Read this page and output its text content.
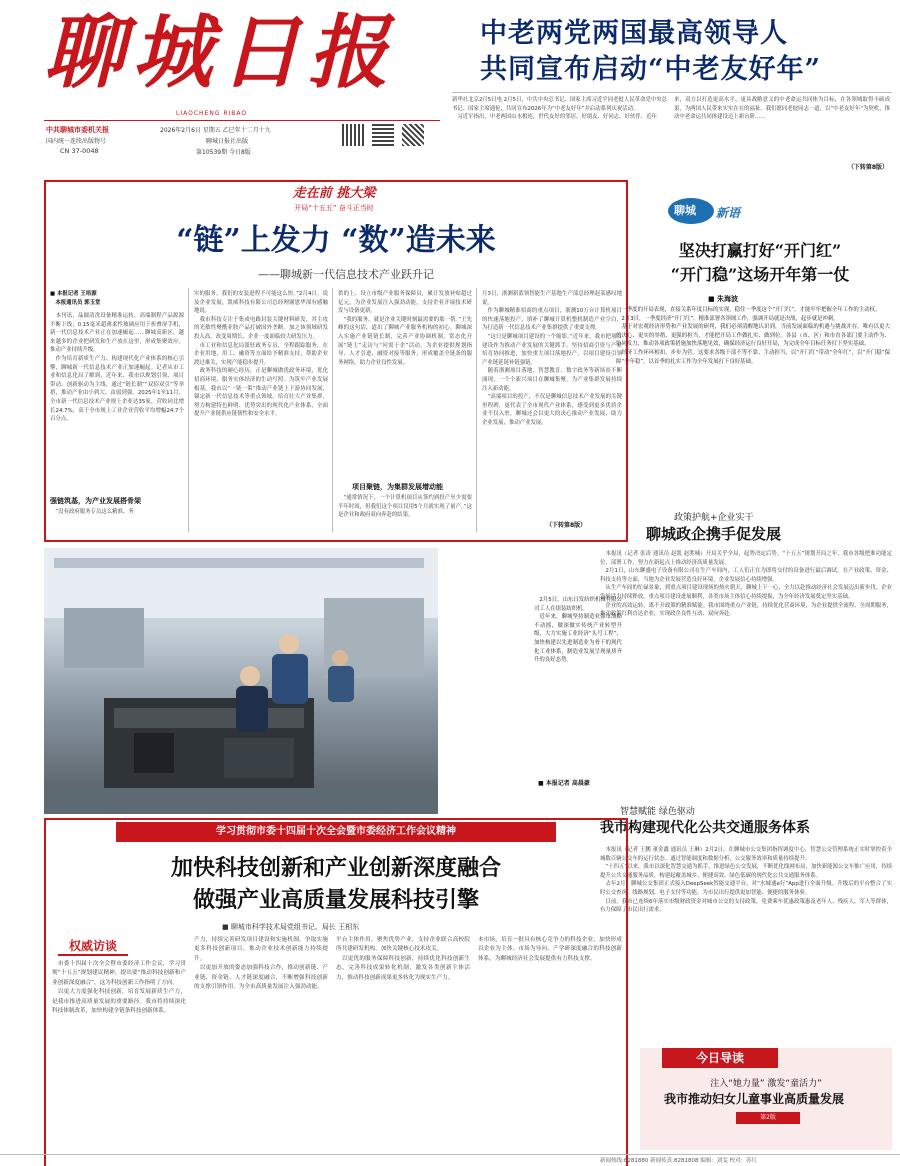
聊城日报
LIAOCHENG RIBAO
中共聊城市委机关报
国内统一连续出版物号
CN 37-0048
2026年2月6日 星期五 乙巳年十二月十九
聊城日报社出版
第10539期 今日8版
中老两党两国最高领导人
共同宣布启动“中老友好年”
新华社北京2月5日电 2月5日，中共中央总书记、国家主席习近平同老挝人民革命党中央总书记、国家主席通伦，共同宣布2026年为“中老友好年”并启动系列庆祝活动。
　习近平指出，中老两国山水相连，世代友好的邻居、好朋友、好同志、好伙伴。近年
来，双方以打造更高水平、更具战略意义的中老命运共同体为目标，在各领域取得丰硕成果，为两国人民带来实实在在的福祉。我们愿同老挝同志一道，以“中老友好年”为契机，推动中老命运共同体建设迈上新台阶……
（下转第8版）
走在前 挑大梁
开局“十五五” 奋斗正当时
“链”上发力 “数”造未来
——聊城新一代信息技术产业跃升记
■ 本报记者 王培源
　本报通讯员 郭玉堂
　本刊讯，晶圆清洗设备精准运转，高端制程产品源源不断下线；0.15毫米超薄柔性玻璃应用于折叠屏手机，新一代信息技术产业正在加速崛起……聊城高新区，越来越多的企业把研发和生产放在这里，形成集聚效应，推动产业持续升级。
　作为培育新质生产力、构建现代化产业体系的核心引擎，聊城新一代信息技术产业正加速崛起。记者从市工业和信息化局了解到，近年来，我市以规划引领、项目带动、创新驱动为主线，通过“链长制”“双招双引”等举措，推动产业由小到大、由弱到强。2025年1至11月，全市新一代信息技术产业规上企业达35家，营收同比增长24.7%，高于全市规上工业企业营收平均增幅24.7个百分点。
强链筑基，为产业发展搭骨架
　“没有政府服务专员这么精准、务
实的服务，我们的安装进程不可能这么快。”2月4日，说及企业发展，凯威科技有限公司总经理谢恩华深有感触地说。
　我市科技专注于集成电路封装关键材料研发，其主攻的光敏性聚酰亚胺产品打破国外垄断。加之该领域研发投入高，改变周期长，企业一度面临较大研发压力。
　市工业和信息化局派驻政务专员，全程跟踪服务，在企业用地、用工、融资等方面给予精准支持，帮助企业渡过难关，实现产能稳步提升。
　政务科技的硬心经历，正是聊城做优政务环境、优化招商环境、服务实体经济的生动写照。为筑牢产业发展根基，我市以“一链一策”推动产业链上下游协同发展，锚定新一代信息技术等重点领域，培育壮大产业集群，努力构建特色鲜明、优势突出的现代化产业体系，全面提升产业链供应链韧性和安全水平。
供的上、设立市级产业服务保障员，累计发放补贴超过亿元，为企业发展注入强劲动能，支持企业开展技术研发与设备更新。
　“我的服务，就是企业关键时刻最需要的那一帮。”王先峰的这句话，道出了聊城产业服务机构的初心。聊城深入实施产业链链长制，完善产业协调机制，常态化开展“链主”走访与“问需于企”活动，为企业提供规划指导、人才引进、融资对接等服务，形成覆盖全链条的服务网络，助力企业良性发展。
项目聚链，为集群发展增动能
　“通常情况下，一个计算机项目从签约到投产至少需要半年时间，但我们这个项目仅用5个月就实现了量产。”这是企业和政府双向奔赴的结果。
月3日，浙测新蓝领智能生产基地生产部总经理赵某感叹地说。
　作为聊城精准招商的重点项目，浙测10万台计算机项目的快速落地投产，填补了聊城计算机整机制造产业空白，为打造新一代信息技术产业集群提供了重要支撑。
　“这只是聊城项目建设的一个缩影。”近年来，我市把项目建设作为推动产业发展的关键抓手，坚持招商引资与产业培育协同推进，加快重大项目落地投产，以项目建设引领产业链延链补链强链。
　随着浙测项目落地，智慧教育、数字政务等新场景不断涌现，一个个新兴项目在聊城集聚，为产业集群发展持续注入新动能。
　“高端项目的投产，不仅是聊城信息技术产业发展的关键里程碑，更代表了全市现代产业体系，感受到更多优质企业不仅入驻，聊城还会以更大的决心推动产业发展、助力企业发展，推动产业发展。
（下转第8版）
聊城 新语
坚决打赢打好“开门红”
“开门稳”这场开年第一仗
■ 朱海波
　一季度的开局表现，直接关系年度目标的实现，稳住一季度这个“开门红”，才能牢牢把握全年工作的主动权。
　2月3日，一季度经济“开门红”，精准部署各领域工作，强调开局就是决战，起步就是冲刺。
　基于对宏观经济形势和产业发展的研判，我们必须清醒地认识到，当前发展面临的机遇与挑战并存，唯有以更大的决心、更实的举措、更强的担当，才能把开局工作做扎实、做到位。各县（市、区）和市直各部门要主动作为、协同发力，推动各项政策措施加快落地见效，确保经济运行良好开局，为完成全年目标任务打下坚实基础。
　经济工作环环相扣，步步为营。这要求各级干部不等不靠、主动担当，以“开门红”带动“全年红”，以“开门稳”保障“全年稳”，以首季的扎实工作为全年发展打下良好基础。
　2月5日，山东日发纺织机械有限公司工人在组装纺织机。
　近年来，聊城坚持制造业强市战略不动摇，做深做实传统产业转型升级，大力实施工业经济“头号工程”，加快构建以先进制造业为骨干的现代化工业体系，制造业发展呈现量质齐升的良好态势。
■ 本报记者 高晨豪
政策护航+企业实干
聊城政企携手促发展
　本报讯（记者 张涛 通讯员 赵凯 赵胜楠）开局关乎全局，起势决定后势。“十五五”规划开局之年，我市各级把准功能定位，部署工作，努力在新起点上推动经济高质量发展。
　2月1日，山东聊盛电子设备有限公司在生产车间内，工人们正在为即将交付的设备进行最后调试。在产业政策、资金、科技支持等方面，当地为企业发展营造良好环境，企业发展信心持续增强。
　从生产车间的忙碌景象，到重点项目建设现场的热火朝天，聊城上下一心，全力以赴推动经济社会发展迈出新步伐。企业发展活力持续释放，重点项目建设进展顺利，各类市场主体信心持续提振，为全年经济发展奠定坚实基础。
　企业的高效运转，离不开政策的精准赋能。我市围绕重点产业链，持续优化营商环境，为企业提供全流程、全周期服务，推动政策红利直达企业，实现政企良性互动、双向奔赴。
智慧赋能 绿色驱动
我市构建现代化公共交通服务体系
　本报讯（记者 王鹏 董金鑫 通讯员 王琳）2月2日，在聊城市公交集团指挥调度中心，智慧公交管理系统正实时掌控着全城数百辆公交车的运行状态。通过智能调度和数据分析，公交服务效率和质量持续提升。
　“十四五”以来，我市以深化智慧交通为抓手，推进绿色公交发展，不断优化线网布局，加快新能源公交车推广应用，持续提升公共交通服务品质，构建起覆盖城乡、便捷高效、绿色低碳的现代化公共交通服务体系。
　去年2月，聊城公交集团正式接入DeepSeek智能交通平台，对“水城通e行”App进行全面升级。升级后的平台整合了实时公交查询、线路规划、电子支付等功能，为市民出行提供更加智能、便捷的服务体验。
　目前，我市已连续6年落实市级财政资金对城市公交的支持政策，免费乘车优惠政策惠及老年人、残疾人、军人等群体，有力保障了市民出行需求。
学习贯彻市委十四届十次全会暨市委经济工作会议精神
加快科技创新和产业创新深度融合
做强产业高质量发展科技引擎
■ 聊城市科学技术局党组书记、局长 王相东
权威访谈
　市委十四届十次全会暨市委经济工作会议，学习贯彻“十五五”规划建议精神，提出要“推动科技创新和产业创新深度融合”，这为科技创新工作指明了方向。
　以更大力度强化科技创新，培育发展新质生产力，是我市推进高质量发展的重要路径。我市将持续深化科技体制改革，加快构建全链条科技创新体系。
产力，持续完善研发项目建设和实施机制，争取实施更多科技创新项目，推动企业技术创新能力持续提升。
　以更加开放的姿态加强科技合作，推动创新链、产业链、资金链、人才链深度融合，不断增强科技创新的支撑引领作用，为全市高质量发展注入强劲动能。
平台主体作用，聚焦优势产业，支持企业联合高校院所共建研发机构，加快关键核心技术攻关。
　以更优的服务保障科技创新，持续优化科技创新生态，完善科技成果转化机制，激发各类创新主体活力，推动科技创新成果更多转化为现实生产力。
本市场，培育一批具有核心竞争力的科技企业，加快形成以企业为主体、市场为导向、产学研深度融合的科技创新体系，为聊城经济社会发展提供有力科技支撑。
今日导读
注入“她力量” 激发“童活力”
我市推动妇女儿童事业高质量发展
第2版
新闻热线:8281880 新闻传真:8281808 编辑：刘雯 校对：苏红
